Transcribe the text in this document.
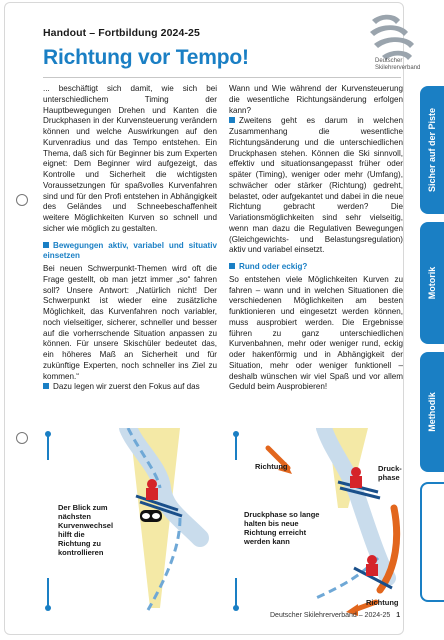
Handout – Fortbildung 2024-25
Deutscher
Skilehrerverband
Richtung vor Tempo!

... beschäftigt sich damit, wie sich bei unterschiedlichem Timing der Hauptbewegungen Drehen und Kanten die Druckphasen in der Kurvensteuerung verändern können und welche Auswirkungen auf den Kurvenradius und das Tempo entstehen. Ein Thema, daß sich für Beginner bis zum Experten eignet: Dem Beginner wird aufgezeigt, das Kontrolle und Sicherheit die wichtigsten Voraussetzungen für spaßvolles Kurvenfahren sind und für den Profi entstehen in Abhängigkeit des Geländes und Schneebeschaffenheit weitere Möglichkeiten Kurven so schnell und sicher wie möglich zu gestalten.

Bewegungen aktiv, variabel und situativ einsetzen

Bei neuen Schwerpunkt-Themen wird oft die Frage gestellt, ob man jetzt immer „so“ fahren soll? Unsere Antwort: „Natürlich nicht! Der Schwerpunkt ist wieder eine zusätzliche Möglichkeit, das Kurvenfahren noch variabler, noch vielseitiger, sicherer, schneller und besser auf die vorherrschende Situation anpassen zu können. Für unsere Skischüler bedeutet das, ein höheres Maß an Sicherheit und für zukünftige Experten, noch schneller ins Ziel zu kommen.“

Dazu legen wir zuerst den Fokus auf das

Wann und Wie während der Kurvensteuerung die wesentliche Richtungsänderung erfolgen kann?

Zweitens geht es darum in welchen Zusammenhang die wesentliche Richtungsänderung und die unterschiedlichen Druckphasen stehen. Können die Ski sinnvoll, effektiv und situationsangepasst früher oder später (Timing), weniger oder mehr (Umfang), schwächer oder stärker (Richtung) gedreht, belastet, oder aufgekantet und dabei in die neue Richtung gebracht werden? Die Variationsmöglichkeiten sind sehr vielseitig, wenn man dazu die Regulativen Bewegungen (Gleichgewichts- und Belastungsregulation) aktiv und variabel einsetzt.

Rund oder eckig?

So entstehen viele Möglichkeiten Kurven zu fahren – wann und in welchen Situationen die verschiedenen Möglichkeiten am besten funktionieren und eingesetzt werden können, muss ausprobiert werden. Die Ergebnisse führen zu ganz unterschiedlichen Kurvenbahnen, mehr oder weniger rund, eckig oder hakenförmig und in Abhängigkeit der Situation, mehr oder weniger funktionell – deshalb wünschen wir viel Spaß und vor allem Geduld beim Ausprobieren!

Sicher auf der Piste
Motorik
Methodik
Der Blick zum nächsten Kurvenwechsel hilft die Richtung zu kontrollieren
Richtung	Druck-
phase
Druckphase so lange halten bis neue Richtung erreicht werden kann
Richtung
Deutscher Skilehrerverband – 2024-25 1
